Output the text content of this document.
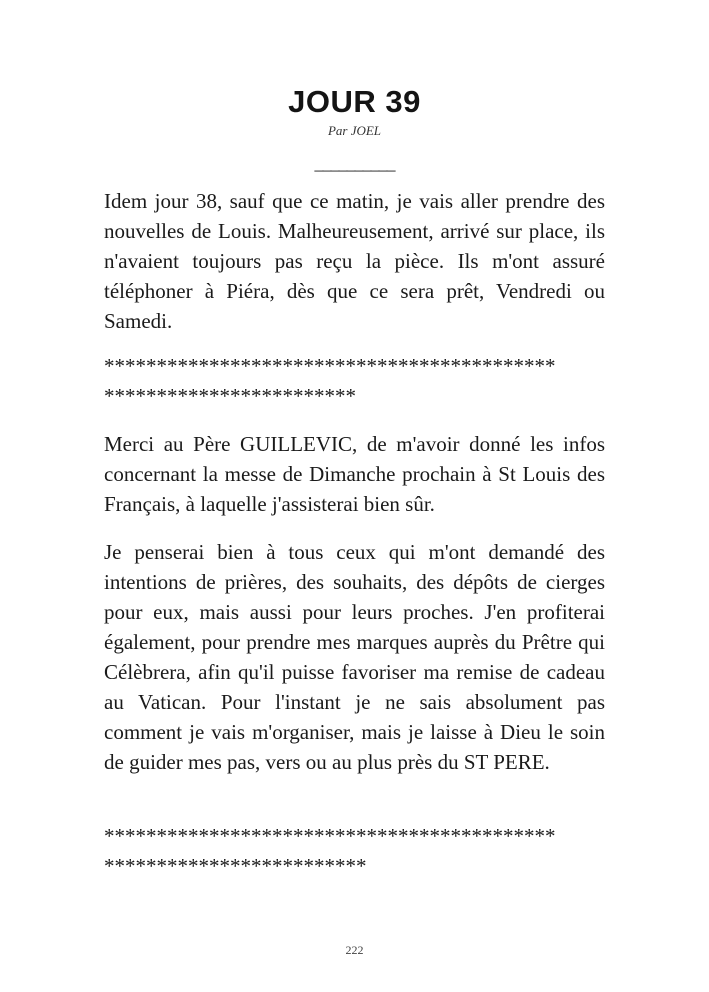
JOUR 39
Par JOEL
__________

Idem jour 38, sauf que ce matin, je vais aller prendre des nouvelles de Louis. Malheureusement, arrivé sur place, ils n'avaient toujours pas reçu la pièce. Ils m'ont assuré téléphoner à Piéra, dès que ce sera prêt, Vendredi ou Samedi.

*******************************************
************************

Merci au Père GUILLEVIC, de m'avoir donné les infos concernant la messe de Dimanche prochain à St Louis des Français, à laquelle j'assisterai bien sûr.

Je penserai bien à tous ceux qui m'ont demandé des intentions de prières, des souhaits, des dépôts de cierges pour eux, mais aussi pour leurs proches. J'en profiterai également, pour prendre mes marques auprès du Prêtre qui Célèbrera, afin qu'il puisse favoriser ma remise de cadeau au Vatican. Pour l'instant je ne sais absolument pas comment je vais m'organiser, mais je laisse à Dieu le soin de guider mes pas, vers ou au plus près du ST PERE.

*******************************************
*************************
222
